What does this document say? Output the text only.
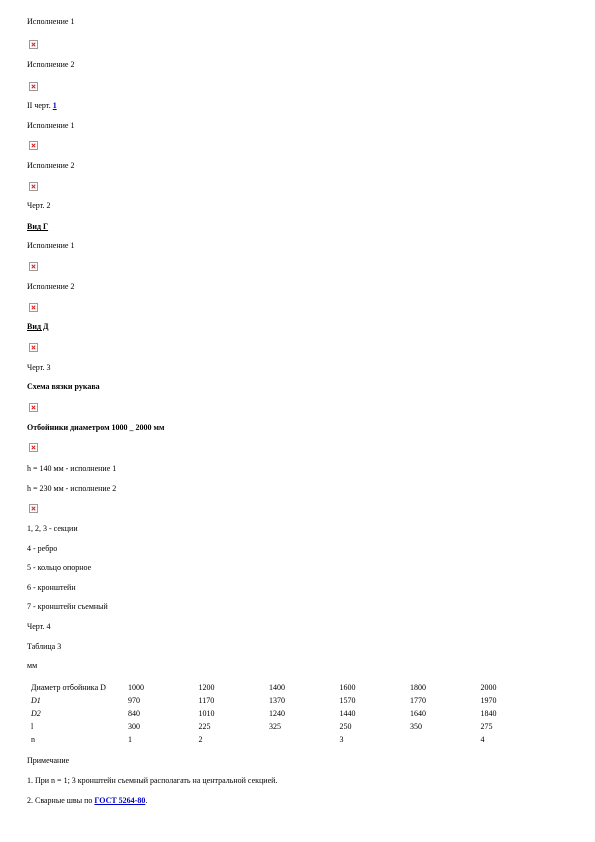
Исполнение 1
Исполнение 2
II черт. 1
Исполнение 1
Исполнение 2
Черт. 2
Вид Г
Исполнение 1
Исполнение 2
Вид Д
Черт. 3
Схема вязки рукава
Отбойники диаметром 1000 – 2000 мм
h = 140 мм - исполнение 1
h = 230 мм - исполнение 2
1, 2, 3 - секции
4 - ребро
5 - кольцо опорное
6 - кронштейн
7 - кронштейн съемный
Черт. 4
Таблица 3
мм
Диаметр отбойника D	1000	1200	1400	1600	1800	2000
D1	970	1170	1370	1570	1770	1970
D2	840	1010	1240	1440	1640	1840
l	300	225	325	250	350	275
n	1	2		3		4
Примечание
1. При n = 1; 3 кронштейн съемный располагать на центральной секцией.
2. Сварные швы по ГОСТ 5264-80.
